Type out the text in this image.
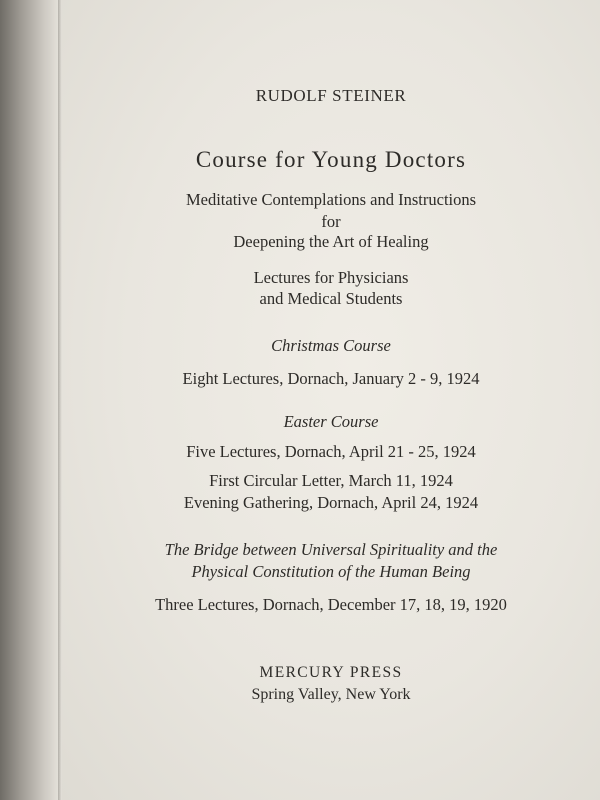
RUDOLF STEINER
Course for Young Doctors
Meditative Contemplations and Instructions
for
Deepening the Art of Healing
Lectures for Physicians
and Medical Students
Christmas Course
Eight Lectures, Dornach, January 2 - 9, 1924
Easter Course
Five Lectures, Dornach, April 21 - 25, 1924
First Circular Letter, March 11, 1924
Evening Gathering, Dornach, April 24, 1924
The Bridge between Universal Spirituality and the
Physical Constitution of the Human Being
Three Lectures, Dornach, December 17, 18, 19, 1920
MERCURY PRESS
Spring Valley, New York
